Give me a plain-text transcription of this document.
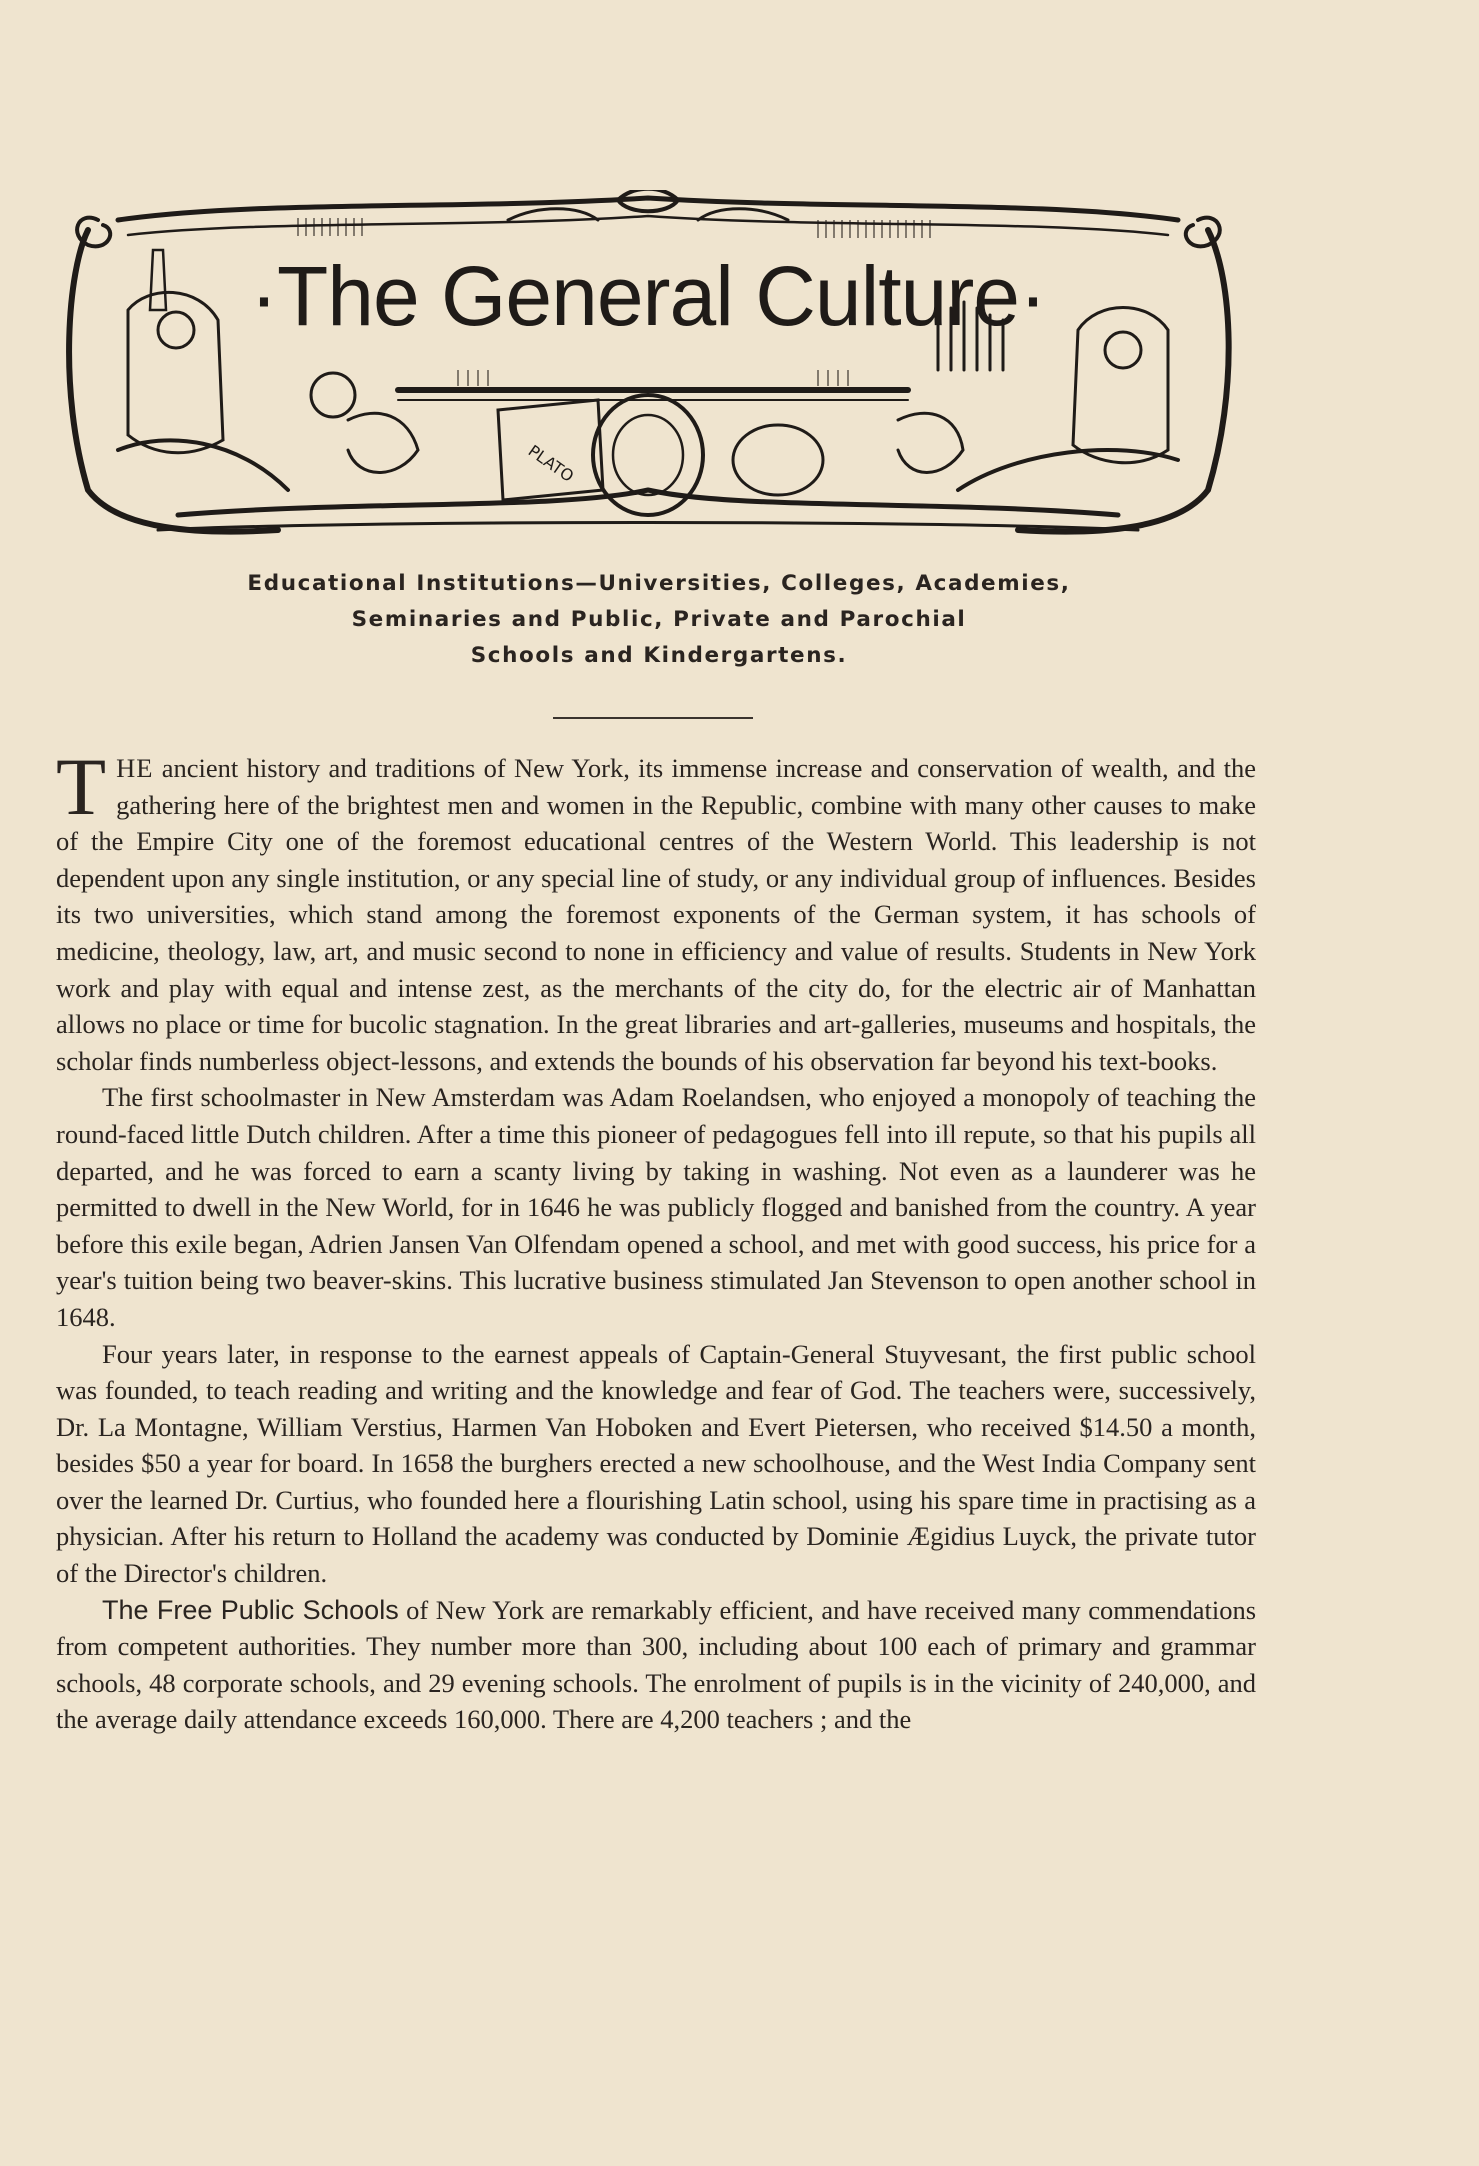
PLATO
·The General Culture·
Educational Institutions—Universities, Colleges, Academies,
Seminaries and Public, Private and Parochial
Schools and Kindergartens.

THE ancient history and traditions of New York, its immense increase and conservation of wealth, and the gathering here of the brightest men and women in the Republic, combine with many other causes to make of the Empire City one of the foremost educational centres of the Western World. This leadership is not dependent upon any single institution, or any special line of study, or any individual group of influences. Besides its two universities, which stand among the foremost exponents of the German system, it has schools of medicine, theology, law, art, and music second to none in efficiency and value of results. Students in New York work and play with equal and intense zest, as the merchants of the city do, for the electric air of Manhattan allows no place or time for bucolic stagnation. In the great libraries and art-galleries, museums and hospitals, the scholar finds numberless object-lessons, and extends the bounds of his observation far beyond his text-books.

The first schoolmaster in New Amsterdam was Adam Roelandsen, who enjoyed a monopoly of teaching the round-faced little Dutch children. After a time this pioneer of pedagogues fell into ill repute, so that his pupils all departed, and he was forced to earn a scanty living by taking in washing. Not even as a launderer was he permitted to dwell in the New World, for in 1646 he was publicly flogged and banished from the country. A year before this exile began, Adrien Jansen Van Olfendam opened a school, and met with good success, his price for a year's tuition being two beaver-skins. This lucrative business stimulated Jan Stevenson to open another school in 1648.

Four years later, in response to the earnest appeals of Captain-General Stuyvesant, the first public school was founded, to teach reading and writing and the knowledge and fear of God. The teachers were, successively, Dr. La Montagne, William Verstius, Harmen Van Hoboken and Evert Pietersen, who received $14.50 a month, besides $50 a year for board. In 1658 the burghers erected a new schoolhouse, and the West India Company sent over the learned Dr. Curtius, who founded here a flourishing Latin school, using his spare time in practising as a physician. After his return to Holland the academy was conducted by Dominie Ægidius Luyck, the private tutor of the Director's children.

The Free Public Schools of New York are remarkably efficient, and have received many commendations from competent authorities. They number more than 300, including about 100 each of primary and grammar schools, 48 corporate schools, and 29 evening schools. The enrolment of pupils is in the vicinity of 240,000, and the average daily attendance exceeds 160,000. There are 4,200 teachers ; and the
